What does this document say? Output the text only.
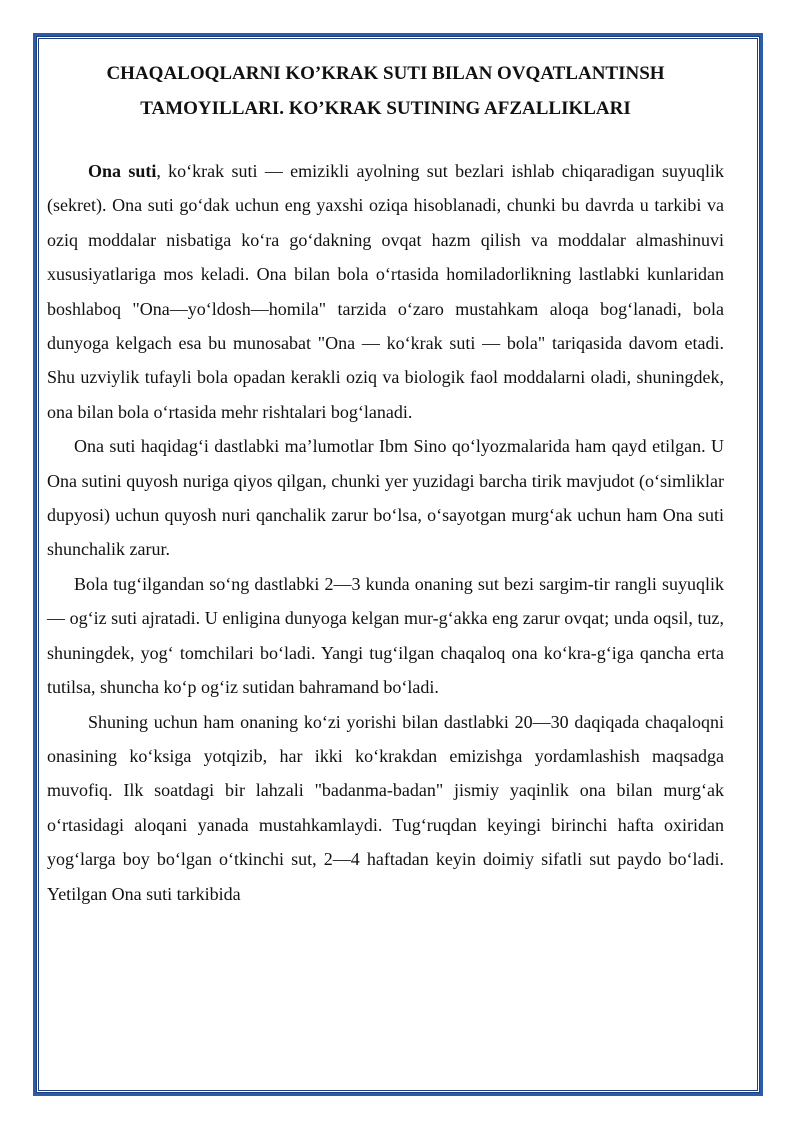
CHAQALOQLARNI KO’KRAK SUTI BILAN OVQATLANTINSH
TAMOYILLARI. KO’KRAK SUTINING AFZALLIKLARI

Ona suti, koʻkrak suti — emizikli ayolning sut bezlari ishlab chiqaradigan suyuqlik (sekret). Ona suti goʻdak uchun eng yaxshi oziqa hisoblanadi, chunki bu davrda u tarkibi va oziq moddalar nisbatiga koʻra goʻdakning ovqat hazm qilish va moddalar almashinuvi xususiyatlariga mos keladi. Ona bilan bola oʻrtasida homiladorlikning lastlabki kunlaridan boshlaboq "Ona—yoʻldosh—homila" tarzida oʻzaro mustahkam aloqa bogʻlanadi, bola dunyoga kelgach esa bu munosabat "Ona — koʻkrak suti — bola" tariqasida davom etadi. Shu uzviylik tufayli bola opadan kerakli oziq va biologik faol moddalarni oladi, shuningdek, ona bilan bola oʻrtasida mehr rishtalari bogʻlanadi.

Ona suti haqidagʻi dastlabki maʼlumotlar Ibm Sino qoʻlyozmalarida ham qayd etilgan. U Ona sutini quyosh nuriga qiyos qilgan, chunki yer yuzidagi barcha tirik mavjudot (oʻsimliklar dupyosi) uchun quyosh nuri qanchalik zarur boʻlsa, oʻsayotgan murgʻak uchun ham Ona suti shunchalik zarur.

Bola tugʻilgandan soʻng dastlabki 2—3 kunda onaning sut bezi sargim-tir rangli suyuqlik — ogʻiz suti ajratadi. U enligina dunyoga kelgan mur-gʻakka eng zarur ovqat; unda oqsil, tuz, shuningdek, yogʻ tomchilari boʻladi. Yangi tugʻilgan chaqaloq ona koʻkra-gʻiga qancha erta tutilsa, shuncha koʻp ogʻiz sutidan bahramand boʻladi.

Shuning uchun ham onaning koʻzi yorishi bilan dastlabki 20—30 daqiqada chaqaloqni onasining koʻksiga yotqizib, har ikki koʻkrakdan emizishga yordamlashish maqsadga muvofiq. Ilk soatdagi bir lahzali "badanma-badan" jismiy yaqinlik ona bilan murgʻak oʻrtasidagi aloqani yanada mustahkamlaydi. Tugʻruqdan keyingi birinchi hafta oxiridan yogʻlarga boy boʻlgan oʻtkinchi sut, 2—4 haftadan keyin doimiy sifatli sut paydo boʻladi. Yetilgan Ona suti tarkibida
